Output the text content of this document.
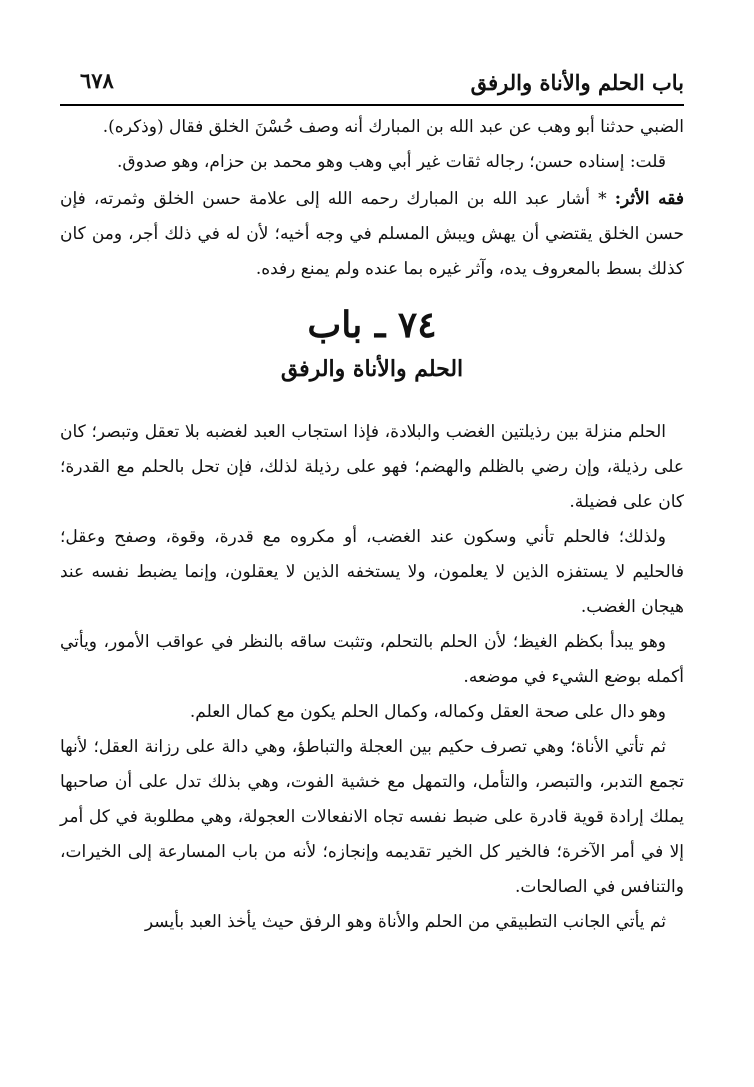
باب الحلم والأناة والرفق
٦٧٨

الضبي حدثنا أبو وهب عن عبد الله بن المبارك أنه وصف حُسْنَ الخلق فقال (وذكره).

قلت: إسناده حسن؛ رجاله ثقات غير أبي وهب وهو محمد بن حزام، وهو صدوق.

فقه الأثر: * أشار عبد الله بن المبارك رحمه الله إلى علامة حسن الخلق وثمرته، فإن حسن الخلق يقتضي أن يهش ويبش المسلم في وجه أخيه؛ لأن له في ذلك أجر، ومن كان كذلك بسط بالمعروف يده، وآثر غيره بما عنده ولم يمنع رفده.

٧٤ ـ باب
الحلم والأناة والرفق

الحلم منزلة بين رذيلتين الغضب والبلادة، فإذا استجاب العبد لغضبه بلا تعقل وتبصر؛ كان على رذيلة، وإن رضي بالظلم والهضم؛ فهو على رذيلة لذلك، فإن تحل بالحلم مع القدرة؛ كان على فضيلة.

ولذلك؛ فالحلم تأني وسكون عند الغضب، أو مكروه مع قدرة، وقوة، وصفح وعقل؛ فالحليم لا يستفزه الذين لا يعلمون، ولا يستخفه الذين لا يعقلون، وإنما يضبط نفسه عند هيجان الغضب.

وهو يبدأ بكظم الغيظ؛ لأن الحلم بالتحلم، وتثبت ساقه بالنظر في عواقب الأمور، ويأتي أكمله بوضع الشيء في موضعه.

وهو دال على صحة العقل وكماله، وكمال الحلم يكون مع كمال العلم.

ثم تأتي الأناة؛ وهي تصرف حكيم بين العجلة والتباطؤ، وهي دالة على رزانة العقل؛ لأنها تجمع التدبر، والتبصر، والتأمل، والتمهل مع خشية الفوت، وهي بذلك تدل على أن صاحبها يملك إرادة قوية قادرة على ضبط نفسه تجاه الانفعالات العجولة، وهي مطلوبة في كل أمر إلا في أمر الآخرة؛ فالخير كل الخير تقديمه وإنجازه؛ لأنه من باب المسارعة إلى الخيرات، والتنافس في الصالحات.

ثم يأتي الجانب التطبيقي من الحلم والأناة وهو الرفق حيث يأخذ العبد بأيسر
